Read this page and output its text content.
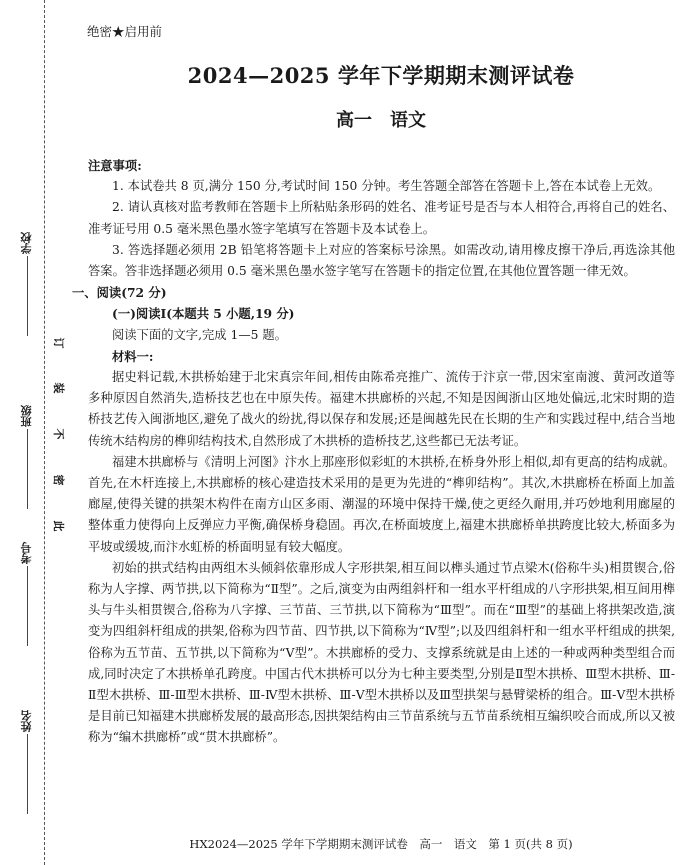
学校
班级
考号
姓名
订
装
不
密
此
绝密★启用前
2024—2025 学年下学期期末测评试卷
高一　语文

注意事项:

1. 本试卷共 8 页,满分 150 分,考试时间 150 分钟。考生答题全部答在答题卡上,答在本试卷上无效。

2. 请认真核对监考教师在答题卡上所粘贴条形码的姓名、准考证号是否与本人相符合,再将自己的姓名、准考证号用 0.5 毫米黑色墨水签字笔填写在答题卡及本试卷上。

3. 答选择题必须用 2B 铅笔将答题卡上对应的答案标号涂黑。如需改动,请用橡皮擦干净后,再选涂其他答案。答非选择题必须用 0.5 毫米黑色墨水签字笔写在答题卡的指定位置,在其他位置答题一律无效。

一、阅读(72 分)

(一)阅读Ⅰ(本题共 5 小题,19 分)

阅读下面的文字,完成 1—5 题。

材料一:

据史料记载,木拱桥始建于北宋真宗年间,相传由陈希亮推广、流传于汴京一带,因宋室南渡、黄河改道等多种原因自然消失,造桥技艺也在中原失传。福建木拱廊桥的兴起,不知是因闽浙山区地处偏远,北宋时期的造桥技艺传入闽浙地区,避免了战火的纷扰,得以保存和发展;还是闽越先民在长期的生产和实践过程中,结合当地传统木结构房的榫卯结构技术,自然形成了木拱桥的造桥技艺,这些都已无法考证。

福建木拱廊桥与《清明上河图》汴水上那座形似彩虹的木拱桥,在桥身外形上相似,却有更高的结构成就。首先,在木杆连接上,木拱廊桥的核心建造技术采用的是更为先进的“榫卯结构”。其次,木拱廊桥在桥面上加盖廊屋,使得关键的拱架木构件在南方山区多雨、潮湿的环境中保持干燥,使之更经久耐用,并巧妙地利用廊屋的整体重力使得向上反弹应力平衡,确保桥身稳固。再次,在桥面坡度上,福建木拱廊桥单拱跨度比较大,桥面多为平坡或缓坡,而汴水虹桥的桥面明显有较大幅度。

初始的拱式结构由两组木头倾斜依靠形成人字形拱架,相互间以榫头通过节点梁木(俗称牛头)相贯锲合,俗称为人字撑、两节拱,以下简称为“Ⅱ型”。之后,演变为由两组斜杆和一组水平杆组成的八字形拱架,相互间用榫头与牛头相贯锲合,俗称为八字撑、三节苗、三节拱,以下简称为“Ⅲ型”。而在“Ⅲ型”的基础上将拱架改造,演变为四组斜杆组成的拱架,俗称为四节苗、四节拱,以下简称为“Ⅳ型”;以及四组斜杆和一组水平杆组成的拱架,俗称为五节苗、五节拱,以下简称为“Ⅴ型”。木拱廊桥的受力、支撑系统就是由上述的一种或两种类型组合而成,同时决定了木拱桥单孔跨度。中国古代木拱桥可以分为七种主要类型,分别是Ⅱ型木拱桥、Ⅲ型木拱桥、Ⅲ-Ⅱ型木拱桥、Ⅲ-Ⅲ型木拱桥、Ⅲ-Ⅳ型木拱桥、Ⅲ-Ⅴ型木拱桥以及Ⅲ型拱架与悬臂梁桥的组合。Ⅲ-Ⅴ型木拱桥是目前已知福建木拱廊桥发展的最高形态,因拱架结构由三节苗系统与五节苗系统相互编织咬合而成,所以又被称为“编木拱廊桥”或“贯木拱廊桥”。

HX2024—2025 学年下学期期末测评试卷　高一　语文　第 1 页(共 8 页)
